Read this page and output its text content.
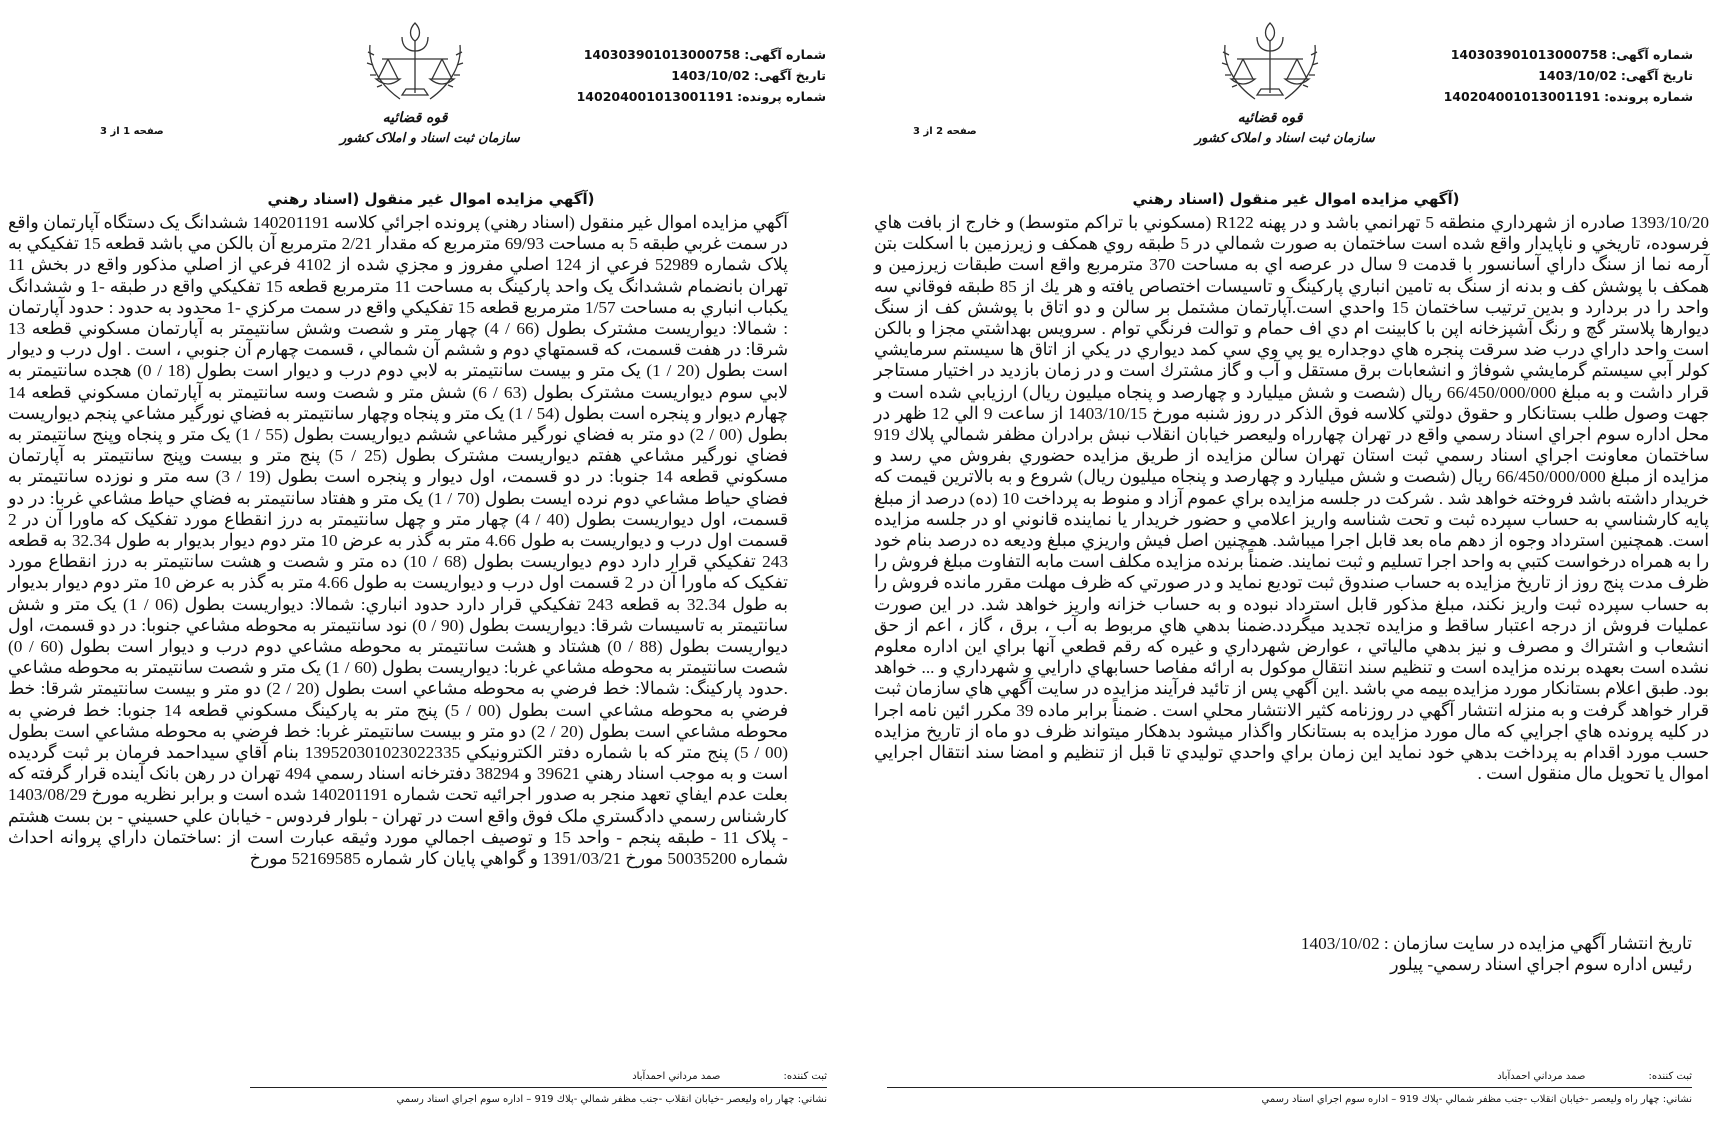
قوه قضائیه
سازمان ثبت اسناد و املاک کشور
شماره آگهی:
140303901013000758
تاریخ آگهی:
1403/10/02
شماره پرونده:
140204001013001191
صفحه 2 از 3
(آگهي مزايده اموال غير منقول (اسناد رهني
1393/10/20 صادره از شهرداري منطقه 5 تهرانمي باشد و در پهنه R122 (مسكوني با تراكم متوسط) و خارج از بافت هاي فرسوده، تاريخي و ناپايدار واقع شده است ساختمان به صورت شمالي در 5 طبقه روي همكف و زيرزمين با اسكلت بتن آرمه نما از سنگ داراي آسانسور با قدمت 9 سال در عرصه اي به مساحت 370 مترمربع واقع است طبقات زيرزمين و همكف با پوشش كف و بدنه از سنگ به تامين انباري پاركينگ و تاسيسات اختصاص يافته و هر يك از 85 طبقه فوقاني سه واحد را در بردارد و بدين ترتيب ساختمان 15 واحدي است.آپارتمان مشتمل بر سالن و دو اتاق با پوشش كف از سنگ ديوارها پلاستر گچ و رنگ آشپزخانه اپن با كابينت ام دي اف حمام و توالت فرنگي توام . سرويس بهداشتي مجزا و بالكن است واحد داراي درب ضد سرقت پنجره هاي دوجداره يو پي وي سي كمد ديواري در يكي از اتاق ها سيستم سرمايشي كولر آبي سيستم گرمايشي شوفاژ و انشعابات برق مستقل و آب و گاز مشترك است و در زمان بازديد در اختيار مستاجر قرار داشت و به مبلغ 66/450/000/000 ريال (شصت و شش ميليارد و چهارصد و پنجاه ميليون ريال) ارزيابي شده است و جهت وصول طلب بستانكار و حقوق دولتي كلاسه فوق الذكر در روز شنبه مورخ 1403/10/15 از ساعت 9 الي 12 ظهر در محل اداره سوم اجراي اسناد رسمي واقع در تهران چهارراه وليعصر خيابان انقلاب نبش برادران مظفر شمالي پلاك 919 ساختمان معاونت اجراي اسناد رسمي ثبت استان تهران سالن مزايده از طريق مزايده حضوري بفروش مي رسد و مزايده از مبلغ 66/450/000/000 ريال (شصت و شش ميليارد و چهارصد و پنجاه ميليون ريال) شروع و به بالاترين قيمت كه خريدار داشته باشد فروخته خواهد شد . شركت در جلسه مزايده براي عموم آزاد و منوط به پرداخت 10 (ده) درصد از مبلغ پايه كارشناسي به حساب سپرده ثبت و تحت شناسه واريز اعلامي و حضور خريدار يا نماينده قانوني او در جلسه مزايده است. همچنين استرداد وجوه از دهم ماه بعد قابل اجرا ميباشد. همچنين اصل فيش واريزي مبلغ وديعه ده درصد بنام خود را به همراه درخواست كتبي به واحد اجرا تسليم و ثبت نمايند. ضمناً برنده مزايده مكلف است مابه التفاوت مبلغ فروش را ظرف مدت پنج روز از تاريخ مزايده به حساب صندوق ثبت توديع نمايد و در صورتي كه ظرف مهلت مقرر مانده فروش را به حساب سپرده ثبت واريز نكند، مبلغ مذكور قابل استرداد نبوده و به حساب خزانه واريز خواهد شد. در اين صورت عمليات فروش از درجه اعتبار ساقط و مزايده تجديد ميگردد.ضمنا بدهي هاي مربوط به آب ، برق ، گاز ، اعم از حق انشعاب و اشتراك و مصرف و نيز بدهي مالياتي ، عوارض شهرداري و غيره كه رقم قطعي آنها براي اين اداره معلوم نشده است بعهده برنده مزايده است و تنظيم سند انتقال موكول به ارائه مفاصا حسابهاي دارايي و شهرداري و ... خواهد بود. طبق اعلام بستانكار مورد مزايده بيمه مي باشد .اين آگهي پس از تائيد فرآيند مزايده در سايت آگهي هاي سازمان ثبت قرار خواهد گرفت و به منزله انتشار آگهي در روزنامه كثير الانتشار محلي است . ضمناً برابر ماده 39 مكرر ائين نامه اجرا در كليه پرونده هاي اجرايي كه مال مورد مزايده به بستانكار واگذار ميشود بدهكار ميتواند ظرف دو ماه از تاريخ مزايده حسب مورد اقدام به پرداخت بدهي خود نمايد اين زمان براي واحدي توليدي تا قبل از تنظيم و امضا سند انتقال اجرايي اموال يا تحويل مال منقول است .
تاريخ انتشار آگهي مزايده در سايت سازمان : 1403/10/02
رئيس اداره سوم اجراي اسناد رسمي- پيلور
ثبت كننده: صمد مرداني احمدآباد
نشاني: چهار راه وليعصر -خيابان انقلاب -جنب مظفر شمالي -پلاك 919 – اداره سوم اجراي اسناد رسمي
قوه قضائیه
سازمان ثبت اسناد و املاک کشور
شماره آگهی:
140303901013000758
تاریخ آگهی:
1403/10/02
شماره پرونده:
140204001013001191
صفحه 1 از 3
(آگهي مزايده اموال غير منقول (اسناد رهني
آگهي مزايده اموال غير منقول (اسناد رهني) پرونده اجرائي كلاسه 140201191 ششدانگ يک دستگاه آپارتمان واقع در سمت غربي طبقه 5 به مساحت 69/93 مترمربع كه مقدار 2/21 مترمربع آن بالكن مي باشد قطعه 15 تفكيكي به پلاک شماره 52989 فرعي از 124 اصلي مفروز و مجزي شده از 4102 فرعي از اصلي مذكور واقع در بخش 11 تهران بانضمام ششدانگ يک واحد پاركينگ به مساحت 11 مترمربع قطعه 15 تفكيكي واقع در طبقه -1 و ششدانگ يكباب انباري به مساحت 1/57 مترمربع قطعه 15 تفكيكي واقع در سمت مركزي -1 محدود به حدود : حدود آپارتمان : شمالا: ديواريست مشترک بطول (66 / 4) چهار متر و شصت وشش سانتيمتر به آپارتمان مسكوني قطعه 13 شرقا: در هفت قسمت، كه قسمتهاي دوم و ششم آن شمالي ، قسمت چهارم آن جنوبي ، است . اول درب و ديوار است بطول (20 / 1) يک متر و بيست سانتيمتر به لابي دوم درب و ديوار است بطول (18 / 0) هجده سانتيمتر به لابي سوم ديواريست مشترک بطول (63 / 6) شش متر و شصت وسه سانتيمتر به آپارتمان مسكوني قطعه 14 چهارم ديوار و پنجره است بطول (54 / 1) يک متر و پنجاه وچهار سانتيمتر به فضاي نورگير مشاعي پنجم ديواريست بطول (00 / 2) دو متر به فضاي نورگير مشاعي ششم ديواريست بطول (55 / 1) يک متر و پنجاه وپنج سانتيمتر به فضاي نورگير مشاعي هفتم ديواريست مشترک بطول (25 / 5) پنج متر و بيست وپنج سانتيمتر به آپارتمان مسكوني قطعه 14 جنوبا: در دو قسمت، اول ديوار و پنجره است بطول (19 / 3) سه متر و نوزده سانتيمتر به فضاي حياط مشاعي دوم نرده ايست بطول (70 / 1) يک متر و هفتاد سانتيمتر به فضاي حياط مشاعي غربا: در دو قسمت، اول ديواريست بطول (40 / 4) چهار متر و چهل سانتيمتر به درز انقطاع مورد تفكيک كه ماورا آن در 2 قسمت اول درب و ديواريست به طول 4.66 متر به گذر به عرض 10 متر دوم ديوار بديوار به طول 32.34 به قطعه 243 تفكيكي قرار دارد دوم ديواريست بطول (68 / 10) ده متر و شصت و هشت سانتيمتر به درز انقطاع مورد تفكيک كه ماورا آن در 2 قسمت اول درب و ديواريست به طول 4.66 متر به گذر به عرض 10 متر دوم ديوار بديوار به طول 32.34 به قطعه 243 تفكيكي قرار دارد حدود انباري: شمالا: ديواريست بطول (06 / 1) يک متر و شش سانتيمتر به تاسيسات شرقا: ديواريست بطول (90 / 0) نود سانتيمتر به محوطه مشاعي جنوبا: در دو قسمت، اول ديواريست بطول (88 / 0) هشتاد و هشت سانتيمتر به محوطه مشاعي دوم درب و ديوار است بطول (60 / 0) شصت سانتيمتر به محوطه مشاعي غربا: ديواريست بطول (60 / 1) يک متر و شصت سانتيمتر به محوطه مشاعي .حدود پاركينگ: شمالا: خط فرضي به محوطه مشاعي است بطول (20 / 2) دو متر و بيست سانتيمتر شرقا: خط فرضي به محوطه مشاعي است بطول (00 / 5) پنج متر به پاركينگ مسكوني قطعه 14 جنوبا: خط فرضي به محوطه مشاعي است بطول (20 / 2) دو متر و بيست سانتيمتر غربا: خط فرضي به محوطه مشاعي است بطول (00 / 5) پنج متر كه با شماره دفتر الكترونيكي 139520301023022335 بنام آقاي سيداحمد فرمان بر ثبت گرديده است و به موجب اسناد رهني 39621 و 38294 دفترخانه اسناد رسمي 494 تهران در رهن بانک آينده قرار گرفته كه بعلت عدم ايفاي تعهد منجر به صدور اجرائيه تحت شماره 140201191 شده است و برابر نظريه مورخ 1403/08/29 كارشناس رسمي دادگستري ملک فوق واقع است در تهران - بلوار فردوس - خيابان علي حسيني - بن بست هشتم - پلاک 11 - طبقه پنجم - واحد 15 و توصيف اجمالي مورد وثيقه عبارت است از :ساختمان داراي پروانه احداث شماره 50035200 مورخ 1391/03/21 و گواهي پايان كار شماره 52169585 مورخ
ثبت كننده: صمد مرداني احمدآباد
نشاني: چهار راه وليعصر -خيابان انقلاب -جنب مظفر شمالي -پلاك 919 – اداره سوم اجراي اسناد رسمي
